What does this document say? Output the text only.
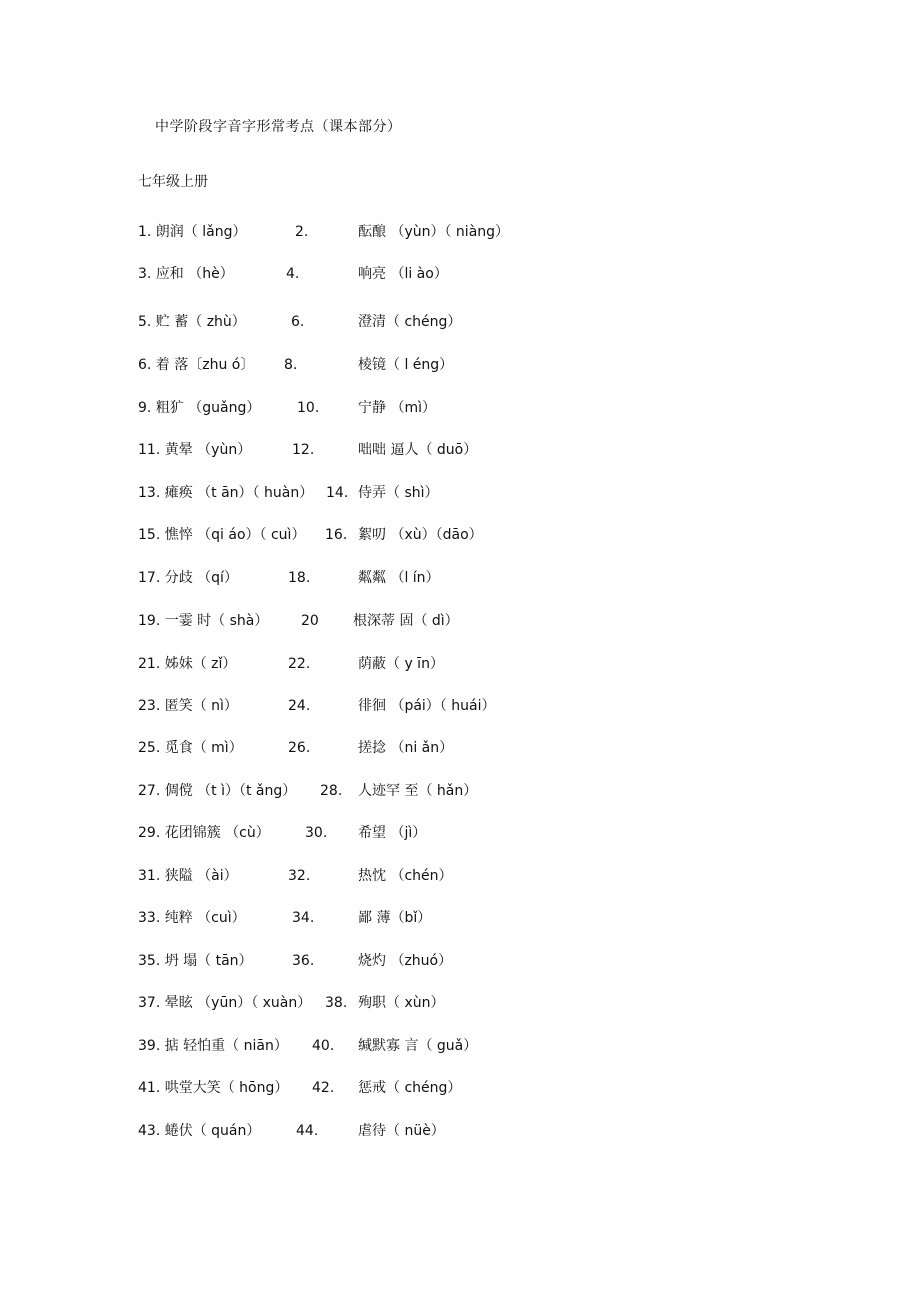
中学阶段字音字形常考点（课本部分）
七年级上册
1. 朗润（ lǎng）	2.	酝酿 （yùn）（ niàng）
3. 应和 （hè）	4.	响亮 （li ào）
5. 贮 蓄（ zhù）	6.	澄清（ chéng）
6. 着 落〔zhu ó〕 8.	棱镜（ l éng）
9. 粗犷 （guǎng）	10.	宁静 （mì）
11. 黄晕 （yùn）	12.	咄咄 逼人（ duō）
13. 瘫痪 （t ān）（ huàn） 14. 侍弄（ shì）
15. 憔悴 （qi áo）（ cuì） 16. 絮叨 （xù）（dāo）
17. 分歧 （qí）	18.	粼粼 （l ín）
19. 一霎 时（ shà） 20 根深蒂 固（ dì）
21. 姊妹（ zǐ）	22.	荫蔽（ y īn）
23. 匿笑（ nì）	24.	徘徊 （pái）（ huái）
25. 觅食（ mì）	26.	搓捻 （ni ǎn）
27. 倜傥 （t ì）（t ǎng） 28. 人迹罕 至（ hǎn）
29. 花团锦簇 （cù）	30. 希望 （jì）
31. 狭隘 （ài）	32.	热忱 （chén）
33. 纯粹 （cuì）	34.	鄙 薄（bǐ）
35. 坍 塌（ tān）	36.	烧灼 （zhuó）
37. 晕眩 （yūn）（ xuàn） 38. 殉职（ xùn）
39. 掂 轻怕重（ niān） 40. 缄默寡 言（ guǎ）
41. 哄堂大笑（ hōng） 42. 惩戒（ chéng）
43. 蜷伏（ quán）	44.	虐待（ nüè）
